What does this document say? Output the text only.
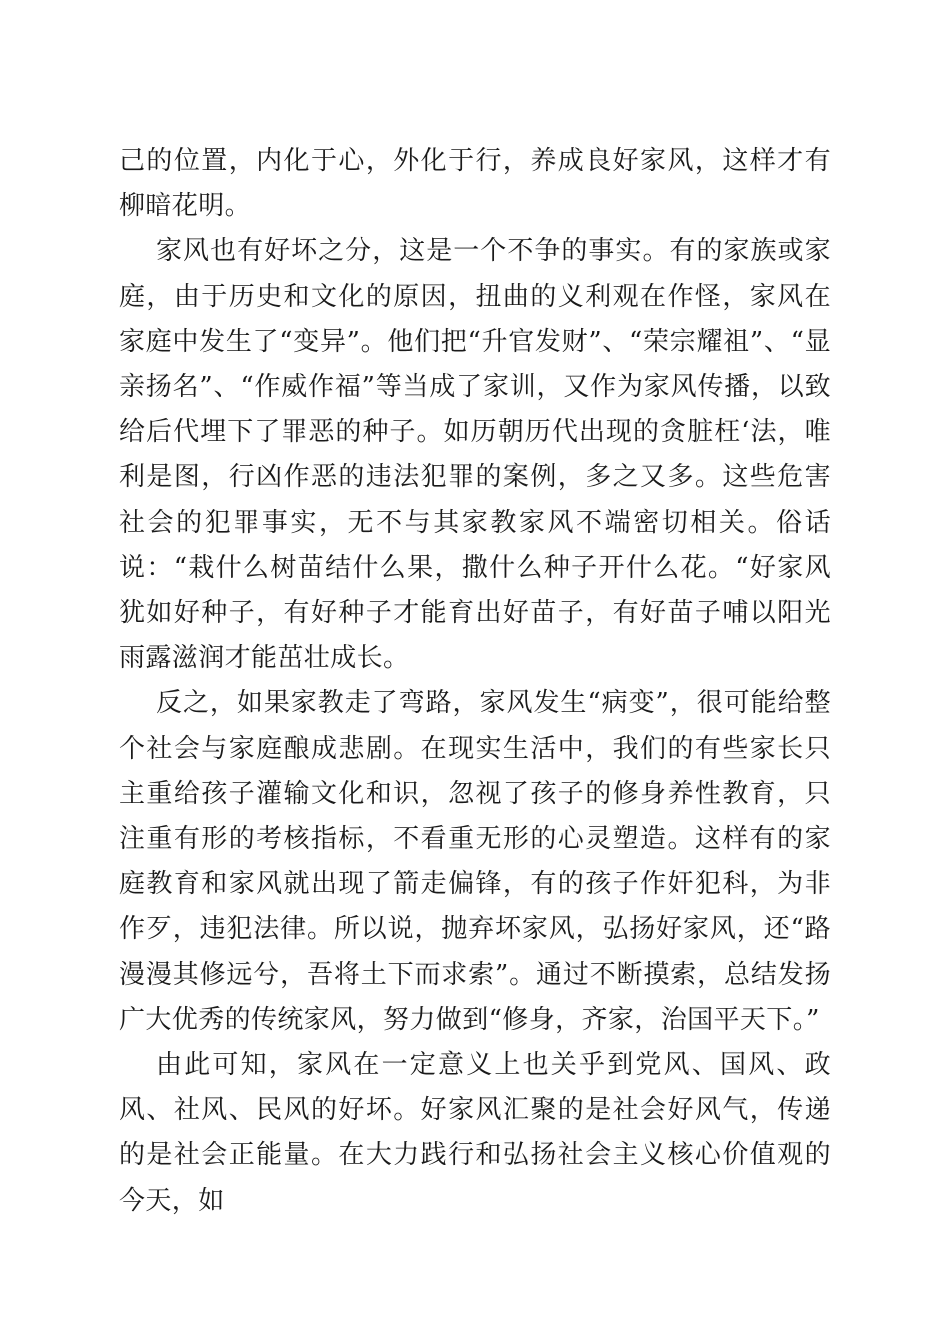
己的位置，内化于心，外化于行，养成良好家风，这样才有柳暗花明。

家风也有好坏之分，这是一个不争的事实。有的家族或家庭，由于历史和文化的原因，扭曲的义利观在作怪，家风在家庭中发生了“变异”。他们把“升官发财”、“荣宗耀祖”、“显亲扬名”、“作威作福”等当成了家训，又作为家风传播，以致给后代埋下了罪恶的种子。如历朝历代出现的贪脏枉‘法，唯利是图，行凶作恶的违法犯罪的案例，多之又多。这些危害社会的犯罪事实，无不与其家教家风不端密切相关。俗话说：“栽什么树苗结什么果，撒什么种子开什么花。“好家风犹如好种子，有好种子才能育出好苗子，有好苗子哺以阳光雨露滋润才能茁壮成长。

反之，如果家教走了弯路，家风发生“病变”，很可能给整个社会与家庭酿成悲剧。在现实生活中，我们的有些家长只主重给孩子灌输文化和识，忽视了孩子的修身养性教育，只注重有形的考核指标，不看重无形的心灵塑造。这样有的家庭教育和家风就出现了箭走偏锋，有的孩子作奸犯科，为非作歹，违犯法律。所以说，抛弃坏家风，弘扬好家风，还“路漫漫其修远兮，吾将土下而求索”。通过不断摸索，总结发扬广大优秀的传统家风，努力做到“修身，齐家，治国平天下。”

由此可知，家风在一定意义上也关乎到党风、国风、政风、社风、民风的好坏。好家风汇聚的是社会好风气，传递的是社会正能量。在大力践行和弘扬社会主义核心价值观的今天，如
